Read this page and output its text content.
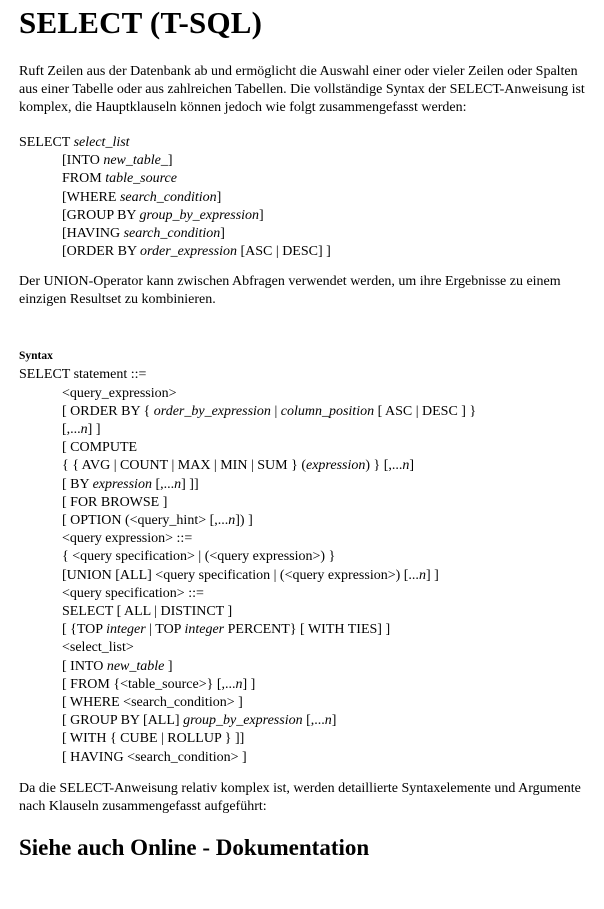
SELECT (T-SQL)

Ruft Zeilen aus der Datenbank ab und ermöglicht die Auswahl einer oder vieler Zeilen oder Spalten aus einer Tabelle oder aus zahlreichen Tabellen. Die vollständige Syntax der SELECT-Anweisung ist komplex, die Hauptklauseln können jedoch wie folgt zusammengefasst werden:

SELECT select_list
[INTO new_table_]
FROM table_source
[WHERE search_condition]
[GROUP BY group_by_expression]
[HAVING search_condition]
[ORDER BY order_expression [ASC | DESC] ]

Der UNION-Operator kann zwischen Abfragen verwendet werden, um ihre Ergebnisse zu einem einzigen Resultset zu kombinieren.

Syntax
SELECT statement ::=
<query_expression>
[ ORDER BY { order_by_expression | column_position [ ASC | DESC ] }
[,...n] ]
[ COMPUTE
{ { AVG | COUNT | MAX | MIN | SUM } (expression) } [,...n]
[ BY expression [,...n] ]]
[ FOR BROWSE ]
[ OPTION (<query_hint> [,...n]) ]
<query expression> ::=
{ <query specification> | (<query expression>) }
[UNION [ALL] <query specification | (<query expression>) [...n] ]
<query specification> ::=
SELECT [ ALL | DISTINCT ]
[ {TOP integer | TOP integer PERCENT} [ WITH TIES] ]
<select_list>
[ INTO new_table ]
[ FROM {<table_source>} [,...n] ]
[ WHERE <search_condition> ]
[ GROUP BY [ALL] group_by_expression [,...n]
[ WITH { CUBE | ROLLUP } ]]
[ HAVING <search_condition> ]

Da die SELECT-Anweisung relativ komplex ist, werden detaillierte Syntaxelemente und Argumente nach Klauseln zusammengefasst aufgeführt:

Siehe auch Online - Dokumentation
